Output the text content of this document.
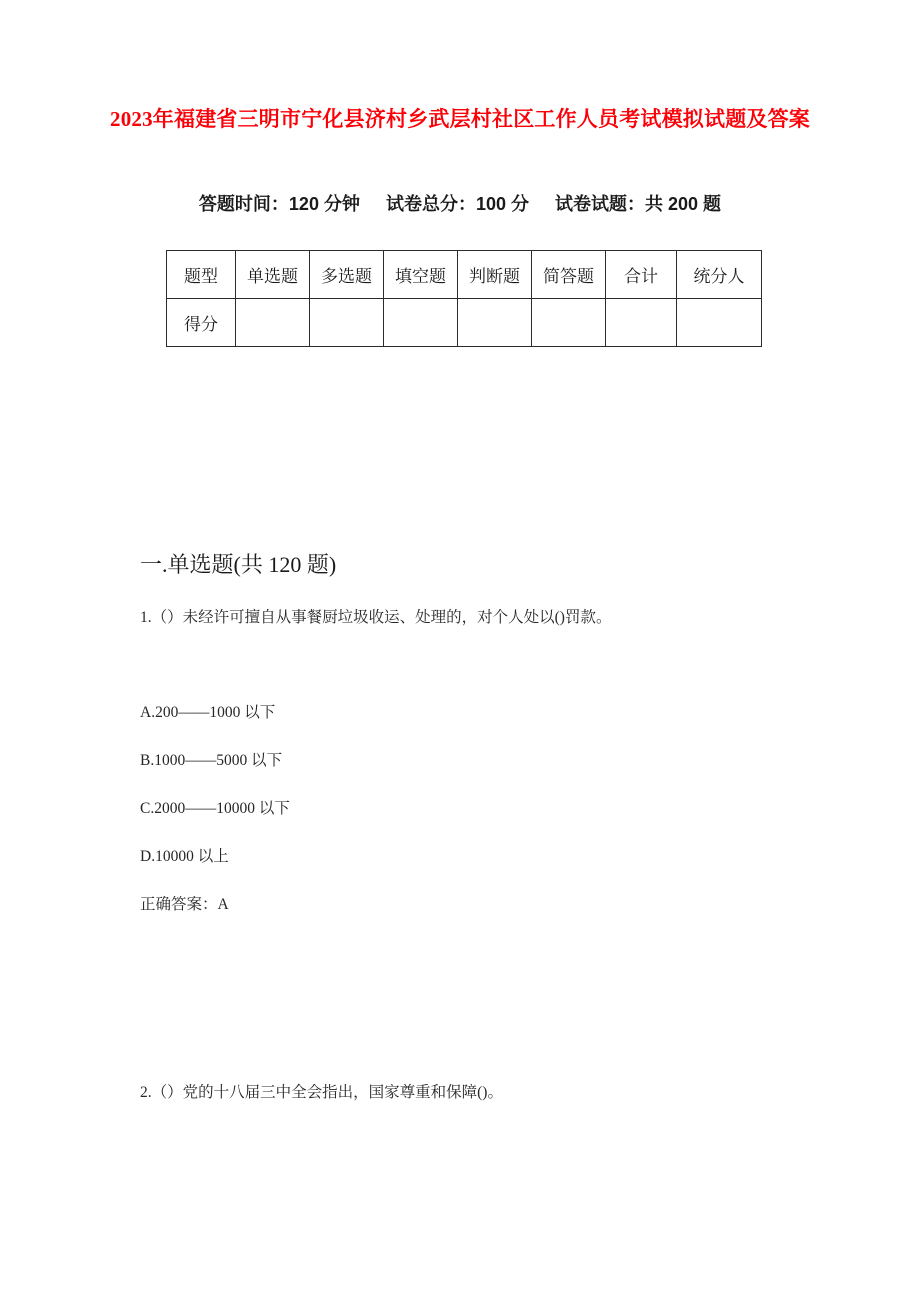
2023年福建省三明市宁化县济村乡武层村社区工作人员考试模拟试题及答案
答题时间：120 分钟 试卷总分：100 分 试卷试题：共 200 题
题型	单选题	多选题	填空题	判断题	简答题	合计	统分人
得分							
一.单选题(共 120 题)
1.（）未经许可擅自从事餐厨垃圾收运、处理的，对个人处以()罚款。
A.200——1000 以下
B.1000——5000 以下
C.2000——10000 以下
D.10000 以上
正确答案：A
2.（）党的十八届三中全会指出，国家尊重和保障()。
